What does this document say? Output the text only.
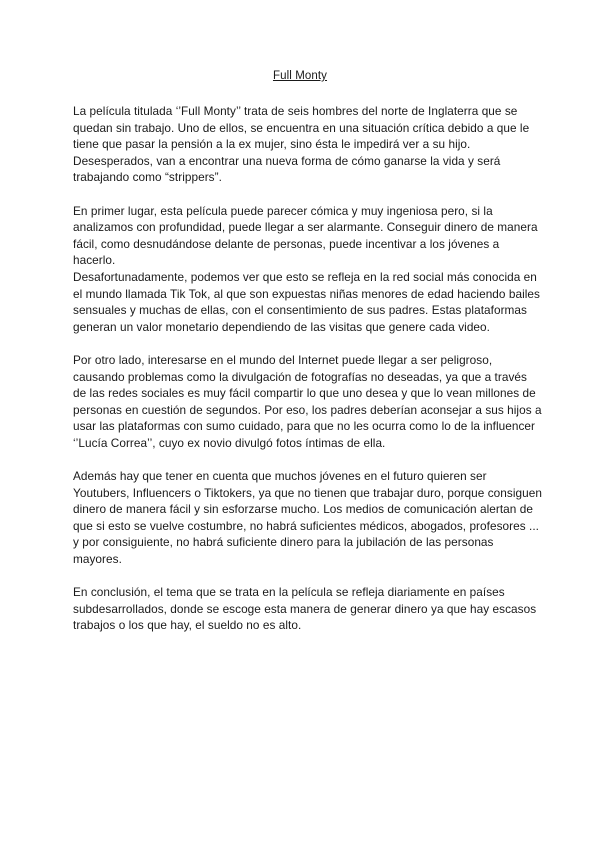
Full Monty

La película titulada ‘’Full Monty’’ trata de seis hombres del norte de Inglaterra que se quedan sin trabajo. Uno de ellos, se encuentra en una situación crítica debido a que le tiene que pasar la pensión a la ex mujer, sino ésta le impedirá ver a su hijo. Desesperados, van a encontrar una nueva forma de cómo ganarse la vida y será trabajando como “strippers”.

En primer lugar, esta película puede parecer cómica y muy ingeniosa pero, si la analizamos con profundidad, puede llegar a ser alarmante. Conseguir dinero de manera fácil, como desnudándose delante de personas, puede incentivar a los jóvenes a hacerlo.

Desafortunadamente, podemos ver que esto se refleja en la red social más conocida en el mundo llamada Tik Tok, al que son expuestas niñas menores de edad haciendo bailes sensuales y muchas de ellas, con el consentimiento de sus padres. Estas plataformas generan un valor monetario dependiendo de las visitas que genere cada video.

Por otro lado, interesarse en el mundo del Internet puede llegar a ser peligroso, causando problemas como la divulgación de fotografías no deseadas, ya que a través de las redes sociales es muy fácil compartir lo que uno desea y que lo vean millones de personas en cuestión de segundos. Por eso, los padres deberían aconsejar a sus hijos a usar las plataformas con sumo cuidado, para que no les ocurra como lo de la influencer ‘’Lucía Correa’’, cuyo ex novio divulgó fotos íntimas de ella.

Además hay que tener en cuenta que muchos jóvenes en el futuro quieren ser Youtubers, Influencers o Tiktokers, ya que no tienen que trabajar duro, porque consiguen dinero de manera fácil y sin esforzarse mucho. Los medios de comunicación alertan de que si esto se vuelve costumbre, no habrá suficientes médicos, abogados, profesores ... y por consiguiente, no habrá suficiente dinero para la jubilación de las personas mayores.

En conclusión, el tema que se trata en la película se refleja diariamente en países subdesarrollados, donde se escoge esta manera de generar dinero ya que hay escasos trabajos o los que hay, el sueldo no es alto.
